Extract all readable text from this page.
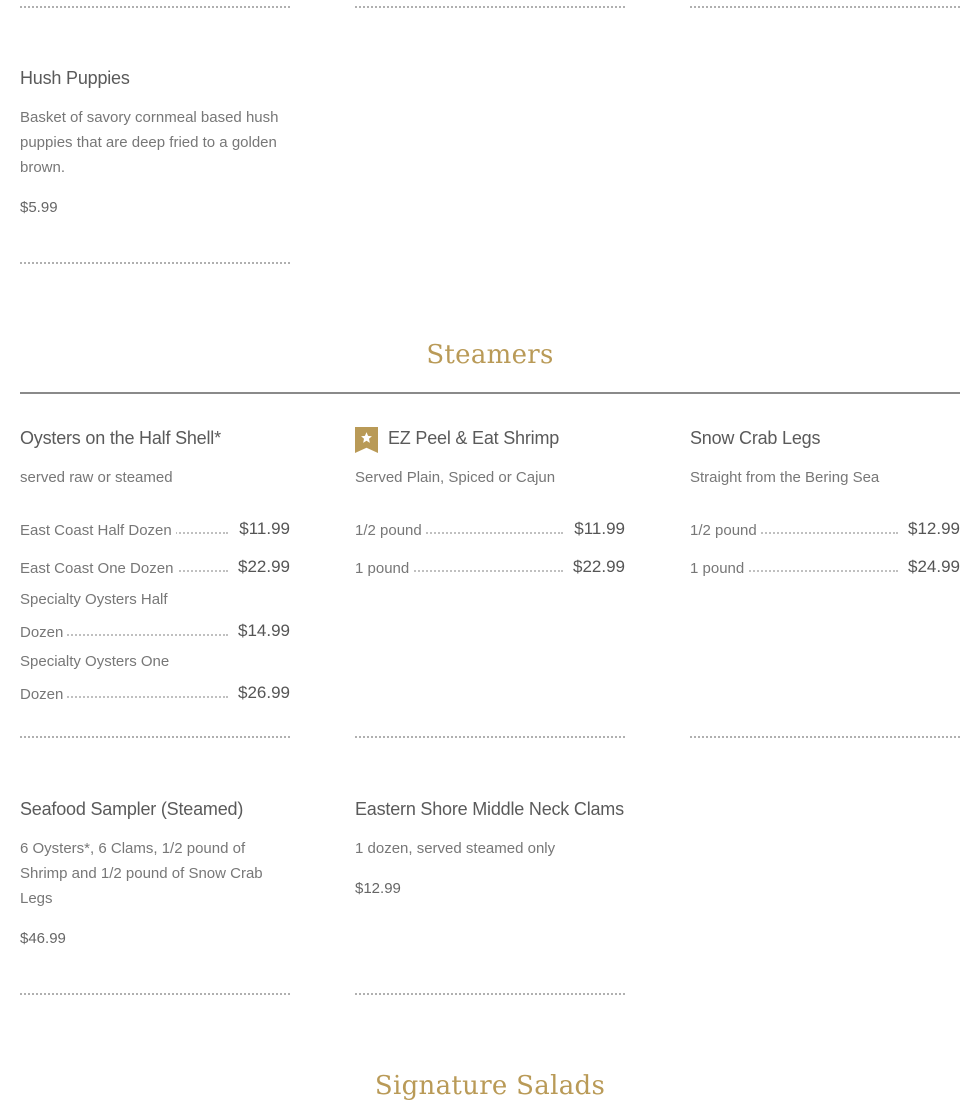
Hush Puppies
Basket of savory cornmeal based hush
puppies that are deep fried to a golden
brown.
$5.99
Steamers
Oysters on the Half Shell*
served raw or steamed
East Coast Half Dozen	$11.99
East Coast One Dozen	$22.99
Specialty Oysters Half
Dozen	$14.99
Specialty Oysters One
Dozen	$26.99
EZ Peel & Eat Shrimp
Served Plain, Spiced or Cajun
1/2 pound	$11.99
1 pound	$22.99
Snow Crab Legs
Straight from the Bering Sea
1/2 pound	$12.99
1 pound	$24.99
Seafood Sampler (Steamed)
6 Oysters*, 6 Clams, 1/2 pound of
Shrimp and 1/2 pound of Snow Crab
Legs
$46.99
Eastern Shore Middle Neck Clams
1 dozen, served steamed only
$12.99
Signature Salads
